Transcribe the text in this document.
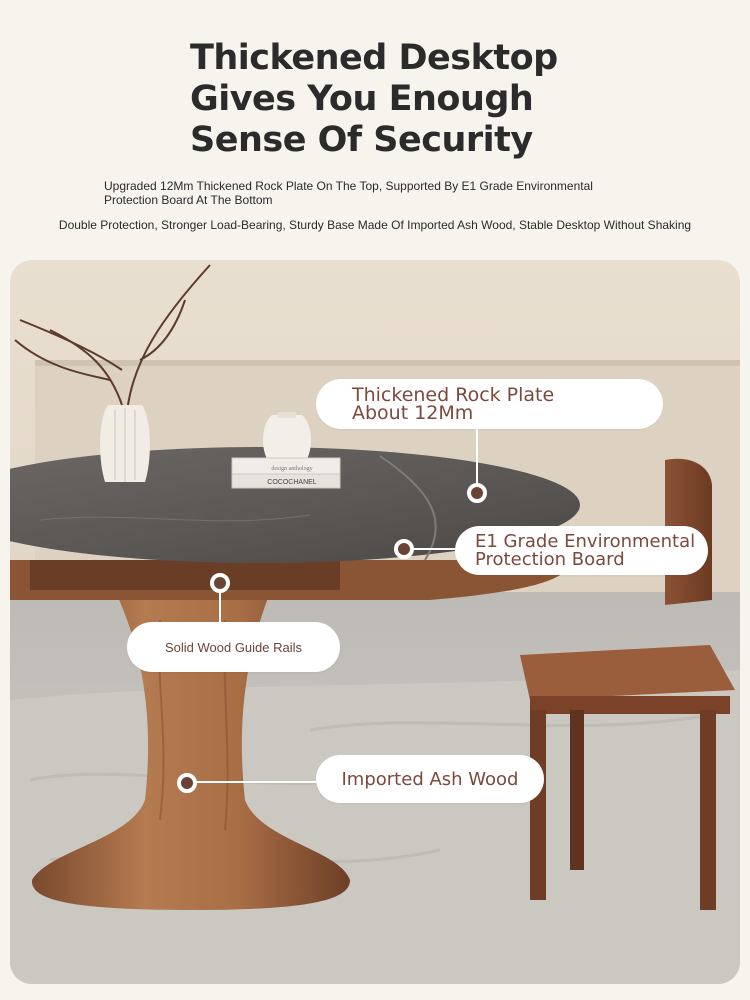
Thickened Desktop
Gives You Enough
Sense Of Security
Upgraded 12Mm Thickened Rock Plate On The Top, Supported By E1 Grade Environmental
Protection Board At The Bottom
Double Protection, Stronger Load-Bearing, Sturdy Base Made Of Imported Ash Wood, Stable Desktop Without Shaking
design anthology
COCOCHANEL
Thickened Rock Plate
About 12Mm
E1 Grade Environmental
Protection Board
Solid Wood Guide Rails
Imported Ash Wood
